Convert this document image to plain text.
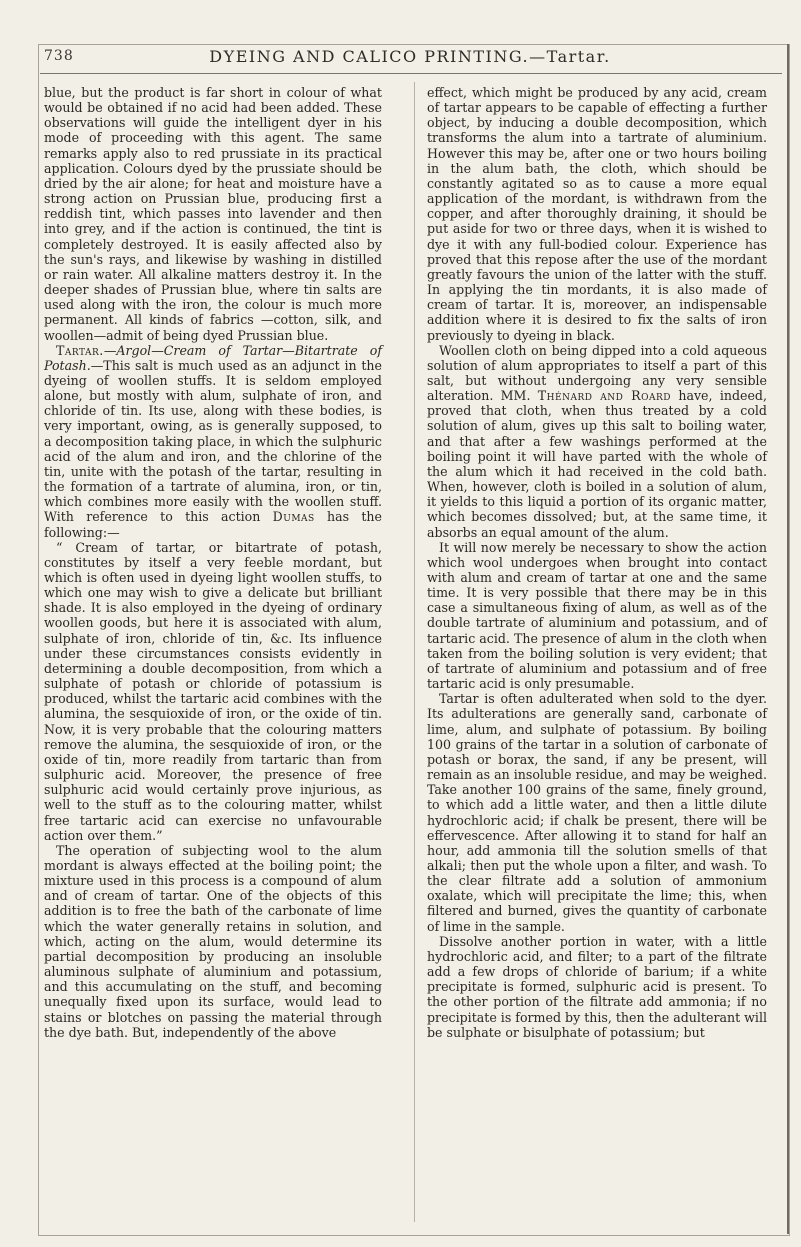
738	DYEING AND CALICO PRINTING.—Tartar.

blue, but the product is far short in colour of what would be obtained if no acid had been added. These observations will guide the intelligent dyer in his mode of proceeding with this agent. The same remarks apply also to red prussiate in its practical application. Colours dyed by the prussiate should be dried by the air alone; for heat and moisture have a strong action on Prussian blue, producing first a reddish tint, which passes into lavender and then into grey, and if the action is continued, the tint is completely destroyed. It is easily affected also by the sun's rays, and likewise by washing in distilled or rain water. All alkaline matters destroy it. In the deeper shades of Prussian blue, where tin salts are used along with the iron, the colour is much more permanent. All kinds of fabrics —cotton, silk, and woollen—admit of being dyed Prussian blue.

Tartar.—Argol—Cream of Tartar—Bitartrate of Potash.—This salt is much used as an adjunct in the dyeing of woollen stuffs. It is seldom employed alone, but mostly with alum, sulphate of iron, and chloride of tin. Its use, along with these bodies, is very important, owing, as is generally supposed, to a decomposition taking place, in which the sulphuric acid of the alum and iron, and the chlorine of the tin, unite with the potash of the tartar, resulting in the formation of a tartrate of alumina, iron, or tin, which combines more easily with the woollen stuff. With reference to this action Dumas has the following:—

“ Cream of tartar, or bitartrate of potash, constitutes by itself a very feeble mordant, but which is often used in dyeing light woollen stuffs, to which one may wish to give a delicate but brilliant shade. It is also employed in the dyeing of ordinary woollen goods, but here it is associated with alum, sulphate of iron, chloride of tin, &c. Its influence under these circumstances consists evidently in determining a double decomposition, from which a sulphate of potash or chloride of potassium is produced, whilst the tartaric acid combines with the alumina, the sesquioxide of iron, or the oxide of tin. Now, it is very probable that the colouring matters remove the alumina, the sesquioxide of iron, or the oxide of tin, more readily from tartaric than from sulphuric acid. Moreover, the presence of free sulphuric acid would certainly prove injurious, as well to the stuff as to the colouring matter, whilst free tartaric acid can exercise no unfavourable action over them.”

The operation of subjecting wool to the alum mordant is always effected at the boiling point; the mixture used in this process is a compound of alum and of cream of tartar. One of the objects of this addition is to free the bath of the carbonate of lime which the water generally retains in solution, and which, acting on the alum, would determine its partial decomposition by producing an insoluble aluminous sulphate of aluminium and potassium, and this accumulating on the stuff, and becoming unequally fixed upon its surface, would lead to stains or blotches on passing the material through the dye bath. But, independently of the above

effect, which might be produced by any acid, cream of tartar appears to be capable of effecting a further object, by inducing a double decomposition, which transforms the alum into a tartrate of aluminium. However this may be, after one or two hours boiling in the alum bath, the cloth, which should be constantly agitated so as to cause a more equal application of the mordant, is withdrawn from the copper, and after thoroughly draining, it should be put aside for two or three days, when it is wished to dye it with any full-bodied colour. Experience has proved that this repose after the use of the mordant greatly favours the union of the latter with the stuff. In applying the tin mordants, it is also made of cream of tartar. It is, moreover, an indispensable addition where it is desired to fix the salts of iron previously to dyeing in black.

Woollen cloth on being dipped into a cold aqueous solution of alum appropriates to itself a part of this salt, but without undergoing any very sensible alteration. MM. Thénard and Roard have, indeed, proved that cloth, when thus treated by a cold solution of alum, gives up this salt to boiling water, and that after a few washings performed at the boiling point it will have parted with the whole of the alum which it had received in the cold bath. When, however, cloth is boiled in a solution of alum, it yields to this liquid a portion of its organic matter, which becomes dissolved; but, at the same time, it absorbs an equal amount of the alum.

It will now merely be necessary to show the action which wool undergoes when brought into contact with alum and cream of tartar at one and the same time. It is very possible that there may be in this case a simultaneous fixing of alum, as well as of the double tartrate of aluminium and potassium, and of tartaric acid. The presence of alum in the cloth when taken from the boiling solution is very evident; that of tartrate of aluminium and potassium and of free tartaric acid is only presumable.

Tartar is often adulterated when sold to the dyer. Its adulterations are generally sand, carbonate of lime, alum, and sulphate of potassium. By boiling 100 grains of the tartar in a solution of carbonate of potash or borax, the sand, if any be present, will remain as an insoluble residue, and may be weighed. Take another 100 grains of the same, finely ground, to which add a little water, and then a little dilute hydrochloric acid; if chalk be present, there will be effervescence. After allowing it to stand for half an hour, add ammonia till the solution smells of that alkali; then put the whole upon a filter, and wash. To the clear filtrate add a solution of ammonium oxalate, which will precipitate the lime; this, when filtered and burned, gives the quantity of carbonate of lime in the sample.

Dissolve another portion in water, with a little hydrochloric acid, and filter; to a part of the filtrate add a few drops of chloride of barium; if a white precipitate is formed, sulphuric acid is present. To the other portion of the filtrate add ammonia; if no precipitate is formed by this, then the adulterant will be sulphate or bisulphate of potassium; but
